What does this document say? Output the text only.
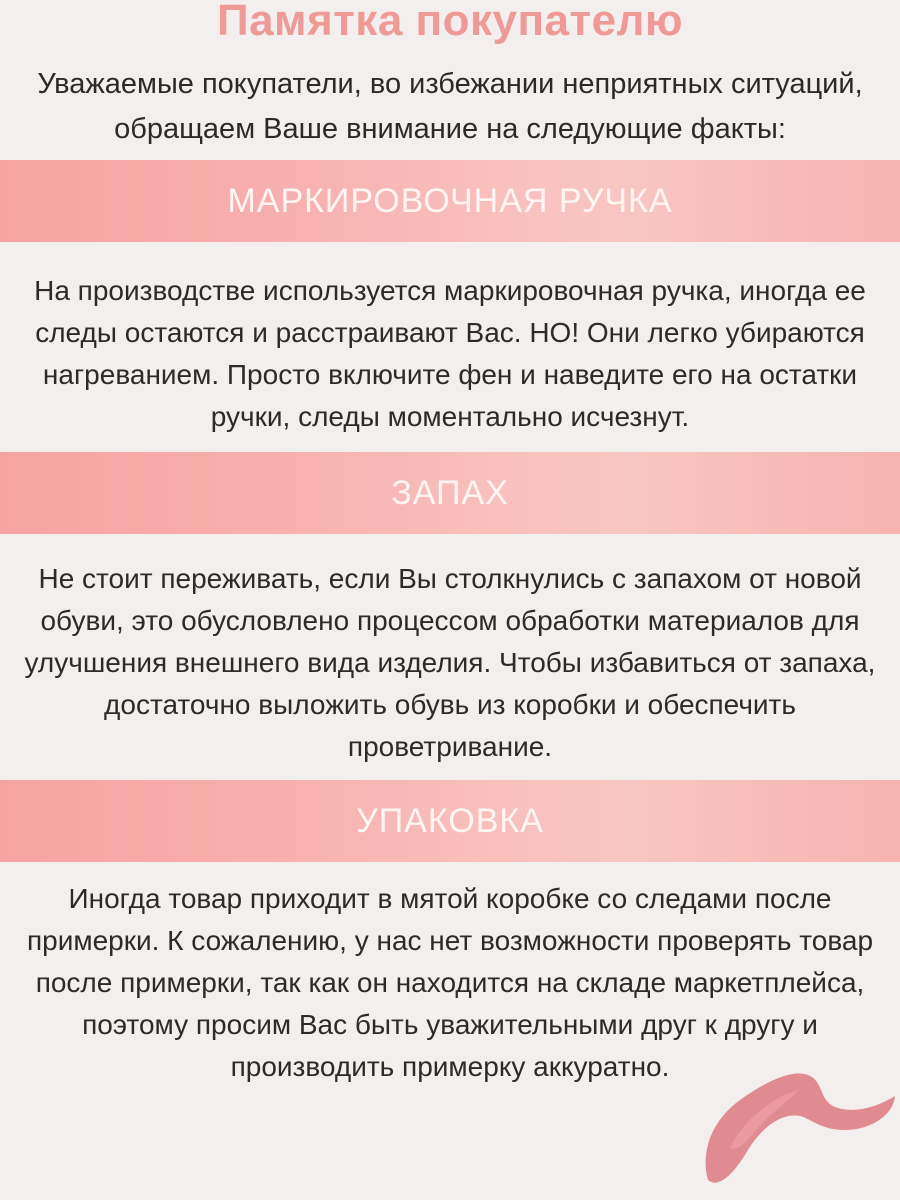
Памятка покупателю
Уважаемые покупатели, во избежании неприятных ситуаций,
обращаем Ваше внимание на следующие факты:
МАРКИРОВОЧНАЯ РУЧКА
На производстве используется маркировочная ручка, иногда ее
следы остаются и расстраивают Вас. НО! Они легко убираются
нагреванием. Просто включите фен и наведите его на остатки
ручки, следы моментально исчезнут.
ЗАПАХ
Не стоит переживать, если Вы столкнулись с запахом от новой
обуви, это обусловлено процессом обработки материалов для
улучшения внешнего вида изделия. Чтобы избавиться от запаха,
достаточно выложить обувь из коробки и обеспечить
проветривание.
УПАКОВКА
Иногда товар приходит в мятой коробке со следами после
примерки. К сожалению, у нас нет возможности проверять товар
после примерки, так как он находится на складе маркетплейса,
поэтому просим Вас быть уважительными друг к другу и
производить примерку аккуратно.
